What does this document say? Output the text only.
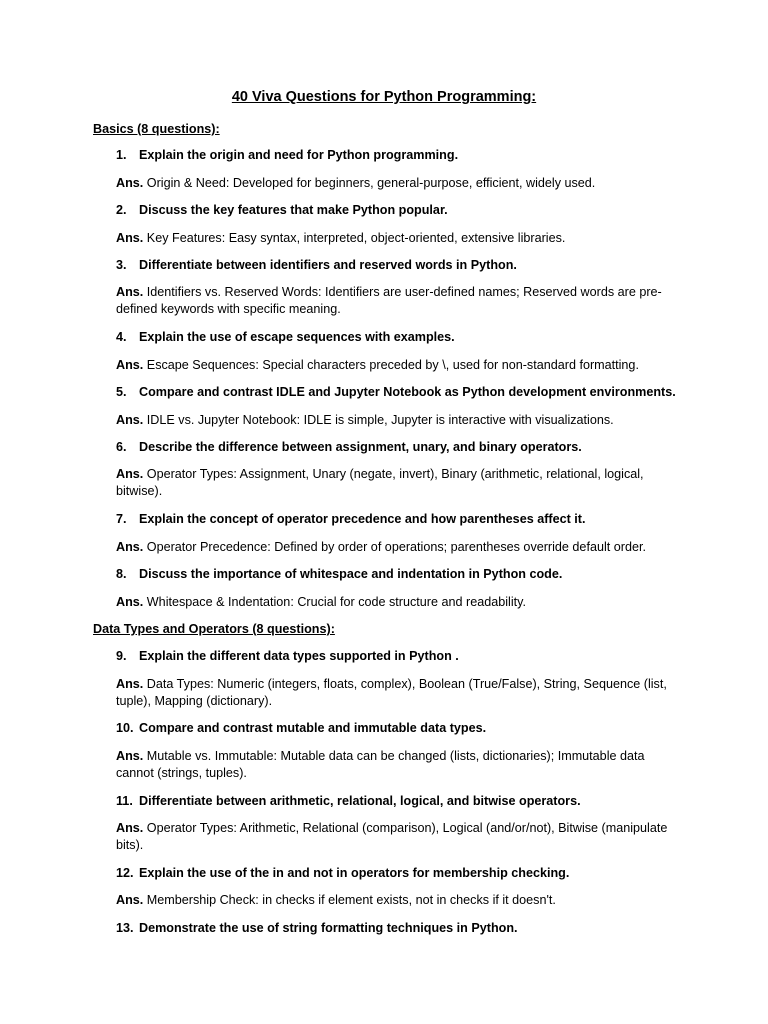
40 Viva Questions for Python Programming:
Basics (8 questions):
1. Explain the origin and need for Python programming.
Ans. Origin & Need: Developed for beginners, general-purpose, efficient, widely used.
2. Discuss the key features that make Python popular.
Ans. Key Features: Easy syntax, interpreted, object-oriented, extensive libraries.
3. Differentiate between identifiers and reserved words in Python.
Ans. Identifiers vs. Reserved Words: Identifiers are user-defined names; Reserved words are pre-defined keywords with specific meaning.
4. Explain the use of escape sequences with examples.
Ans. Escape Sequences: Special characters preceded by \, used for non-standard formatting.
5. Compare and contrast IDLE and Jupyter Notebook as Python development environments.
Ans. IDLE vs. Jupyter Notebook: IDLE is simple, Jupyter is interactive with visualizations.
6. Describe the difference between assignment, unary, and binary operators.
Ans. Operator Types: Assignment, Unary (negate, invert), Binary (arithmetic, relational, logical, bitwise).
7. Explain the concept of operator precedence and how parentheses affect it.
Ans. Operator Precedence: Defined by order of operations; parentheses override default order.
8. Discuss the importance of whitespace and indentation in Python code.
Ans. Whitespace & Indentation: Crucial for code structure and readability.
Data Types and Operators (8 questions):
9. Explain the different data types supported in Python .
Ans. Data Types: Numeric (integers, floats, complex), Boolean (True/False), String, Sequence (list, tuple), Mapping (dictionary).
10. Compare and contrast mutable and immutable data types.
Ans. Mutable vs. Immutable: Mutable data can be changed (lists, dictionaries); Immutable data cannot (strings, tuples).
11. Differentiate between arithmetic, relational, logical, and bitwise operators.
Ans. Operator Types: Arithmetic, Relational (comparison), Logical (and/or/not), Bitwise (manipulate bits).
12. Explain the use of the in and not in operators for membership checking.
Ans. Membership Check: in checks if element exists, not in checks if it doesn't.
13. Demonstrate the use of string formatting techniques in Python.
